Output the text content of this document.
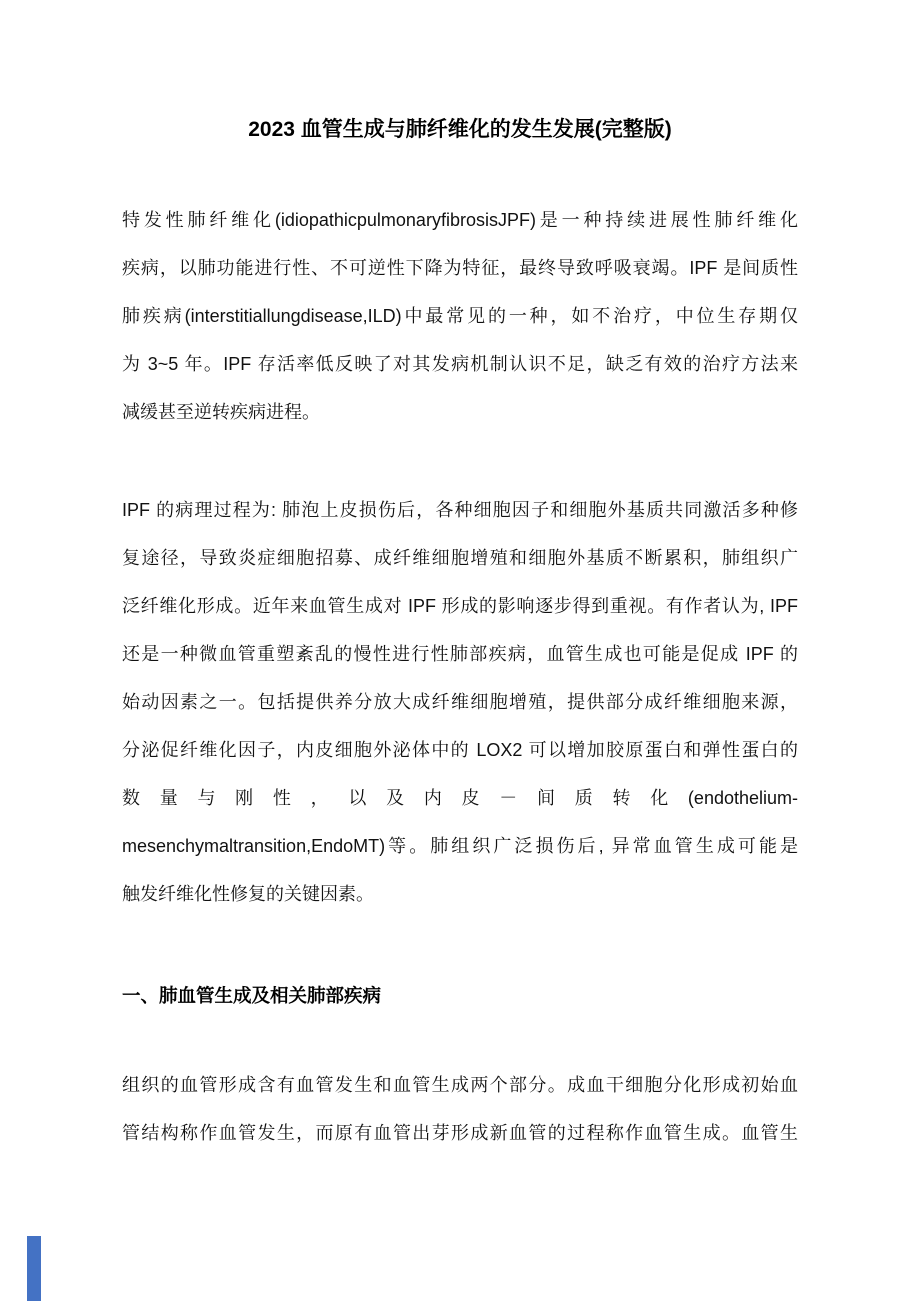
2023 血管生成与肺纤维化的发生发展(完整版)
特发性肺纤维化(idiopathicpulmonaryfibrosisJPF)是一种持续进展性肺纤维化
疾病，以肺功能进行性、不可逆性下降为特征，最终导致呼吸衰竭。IPF 是间质性
肺疾病(interstitiallungdisease,ILD)中最常见的一种，如不治疗，中位生存期仅
为 3~5 年。IPF 存活率低反映了对其发病机制认识不足，缺乏有效的治疗方法来
减缓甚至逆转疾病进程。
IPF 的病理过程为: 肺泡上皮损伤后，各种细胞因子和细胞外基质共同激活多种修
复途径，导致炎症细胞招募、成纤维细胞增殖和细胞外基质不断累积，肺组织广
泛纤维化形成。近年来血管生成对 IPF 形成的影响逐步得到重视。有作者认为, IPF
还是一种微血管重塑紊乱的慢性进行性肺部疾病，血管生成也可能是促成 IPF 的
始动因素之一。包括提供养分放大成纤维细胞增殖，提供部分成纤维细胞来源，
分泌促纤维化因子，内皮细胞外泌体中的 LOX2 可以增加胶原蛋白和弹性蛋白的
数量与刚性，以及内皮－间质转化(endothelium-
mesenchymaltransition,EndoMT)等。肺组织广泛损伤后, 异常血管生成可能是
触发纤维化性修复的关键因素。
一、肺血管生成及相关肺部疾病
组织的血管形成含有血管发生和血管生成两个部分。成血干细胞分化形成初始血
管结构称作血管发生，而原有血管出芽形成新血管的过程称作血管生成。血管生
